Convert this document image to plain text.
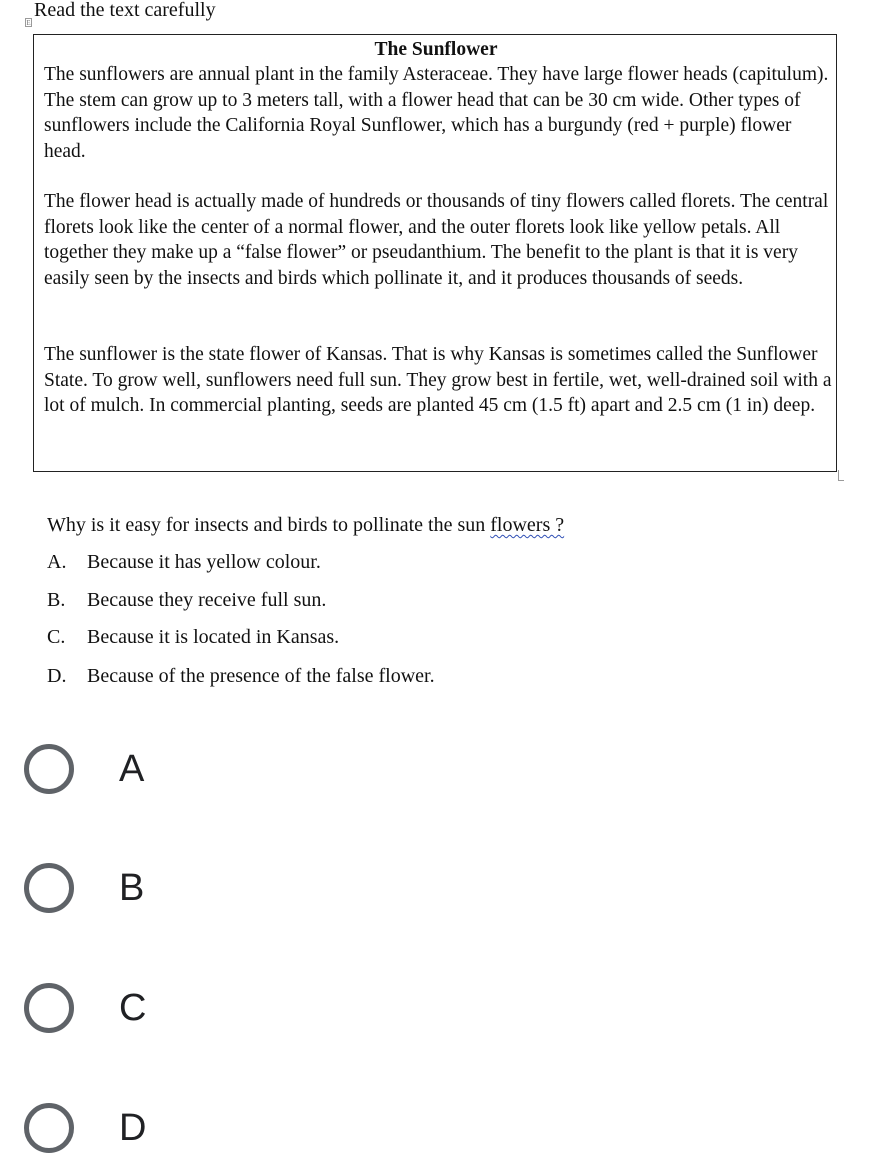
Read the text carefully
E
The Sunflower
The sunflowers are annual plant in the family Asteraceae. They have large flower heads (capitulum). The stem can grow up to 3 meters tall, with a flower head that can be 30 cm wide. Other types of sunflowers include the California Royal Sunflower, which has a burgundy (red + purple) flower head.
The flower head is actually made of hundreds or thousands of tiny flowers called florets. The central florets look like the center of a normal flower, and the outer florets look like yellow petals. All together they make up a “false flower” or pseudanthium. The benefit to the plant is that it is very easily seen by the insects and birds which pollinate it, and it produces thousands of seeds.
The sunflower is the state flower of Kansas. That is why Kansas is sometimes called the Sunflower State. To grow well, sunflowers need full sun. They grow best in fertile, wet, well-drained soil with a lot of mulch. In commercial planting, seeds are planted 45 cm (1.5 ft) apart and 2.5 cm (1 in) deep.
Why is it easy for insects and birds to pollinate the sun flowers ?
A. Because it has yellow colour.
B. Because they receive full sun.
C. Because it is located in Kansas.
D. Because of the presence of the false flower.
A
B
C
D
